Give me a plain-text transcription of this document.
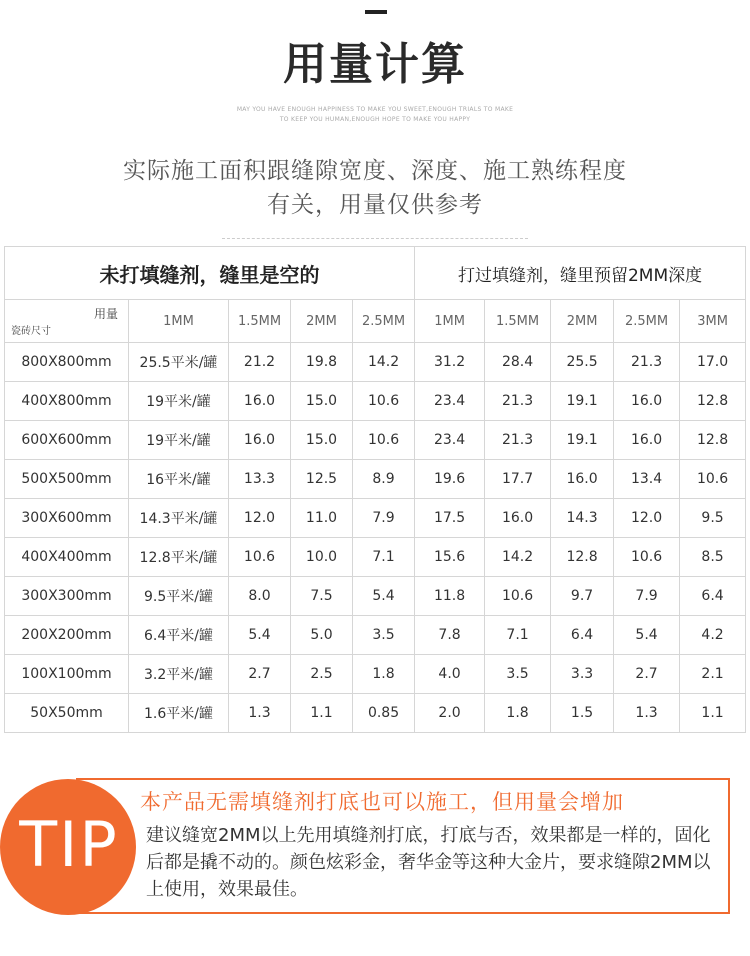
用量计算
MAY YOU HAVE ENOUGH HAPPINESS TO MAKE YOU SWEET,ENOUGH TRIALS TO MAKE
TO KEEP YOU HUMAN,ENOUGH HOPE TO MAKE YOU HAPPY
实际施工面积跟缝隙宽度、深度、施工熟练程度
有关，用量仅供参考
未打填缝剂，缝里是空的					打过填缝剂，缝里预留2MM深度				

用量
瓷砖尺寸	1MM	1.5MM	2MM	2.5MM	1MM	1.5MM	2MM	2.5MM	3MM
800X800mm	25.5平米/罐	21.2	19.8	14.2	31.2	28.4	25.5	21.3	17.0
400X800mm	19平米/罐	16.0	15.0	10.6	23.4	21.3	19.1	16.0	12.8
600X600mm	19平米/罐	16.0	15.0	10.6	23.4	21.3	19.1	16.0	12.8
500X500mm	16平米/罐	13.3	12.5	8.9	19.6	17.7	16.0	13.4	10.6
300X600mm	14.3平米/罐	12.0	11.0	7.9	17.5	16.0	14.3	12.0	9.5
400X400mm	12.8平米/罐	10.6	10.0	7.1	15.6	14.2	12.8	10.6	8.5
300X300mm	9.5平米/罐	8.0	7.5	5.4	11.8	10.6	9.7	7.9	6.4
200X200mm	6.4平米/罐	5.4	5.0	3.5	7.8	7.1	6.4	5.4	4.2
100X100mm	3.2平米/罐	2.7	2.5	1.8	4.0	3.5	3.3	2.7	2.1
50X50mm	1.6平米/罐	1.3	1.1	0.85	2.0	1.8	1.5	1.3	1.1
TIP
本产品无需填缝剂打底也可以施工，但用量会增加
建议缝宽2MM以上先用填缝剂打底，打底与否，效果都是一样的，固化后都是撬不动的。颜色炫彩金，奢华金等这种大金片，要求缝隙2MM以上使用，效果最佳。
